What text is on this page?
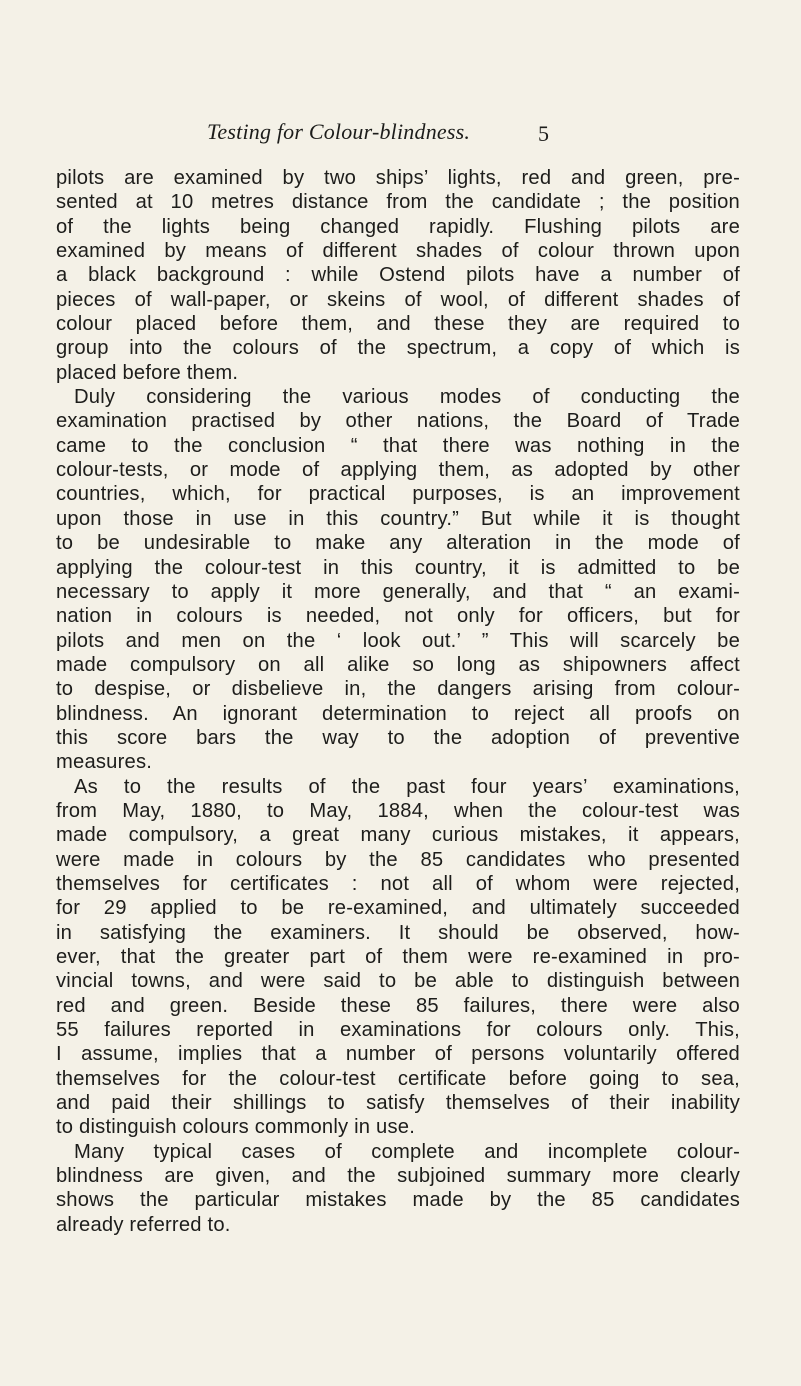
Testing for Colour-blindness.	5

pilots are examined by two ships’ lights, red and green, pre-
sented at 10 metres distance from the candidate ; the position
of the lights being changed rapidly. Flushing pilots are
examined by means of different shades of colour thrown upon
a black background : while Ostend pilots have a number of
pieces of wall-paper, or skeins of wool, of different shades of
colour placed before them, and these they are required to
group into the colours of the spectrum, a copy of which is
placed before them.

Duly considering the various modes of conducting the
examination practised by other nations, the Board of Trade
came to the conclusion “ that there was nothing in the
colour-tests, or mode of applying them, as adopted by other
countries, which, for practical purposes, is an improvement
upon those in use in this country.” But while it is thought
to be undesirable to make any alteration in the mode of
applying the colour-test in this country, it is admitted to be
necessary to apply it more generally, and that “ an exami-
nation in colours is needed, not only for officers, but for
pilots and men on the ‘ look out.’ ” This will scarcely be
made compulsory on all alike so long as shipowners affect
to despise, or disbelieve in, the dangers arising from colour-
blindness. An ignorant determination to reject all proofs on
this score bars the way to the adoption of preventive
measures.

As to the results of the past four years’ examinations,
from May, 1880, to May, 1884, when the colour-test was
made compulsory, a great many curious mistakes, it appears,
were made in colours by the 85 candidates who presented
themselves for certificates : not all of whom were rejected,
for 29 applied to be re-examined, and ultimately succeeded
in satisfying the examiners. It should be observed, how-
ever, that the greater part of them were re-examined in pro-
vincial towns, and were said to be able to distinguish between
red and green. Beside these 85 failures, there were also
55 failures reported in examinations for colours only. This,
I assume, implies that a number of persons voluntarily offered
themselves for the colour-test certificate before going to sea,
and paid their shillings to satisfy themselves of their inability
to distinguish colours commonly in use.

Many typical cases of complete and incomplete colour-
blindness are given, and the subjoined summary more clearly
shows the particular mistakes made by the 85 candidates
already referred to.
